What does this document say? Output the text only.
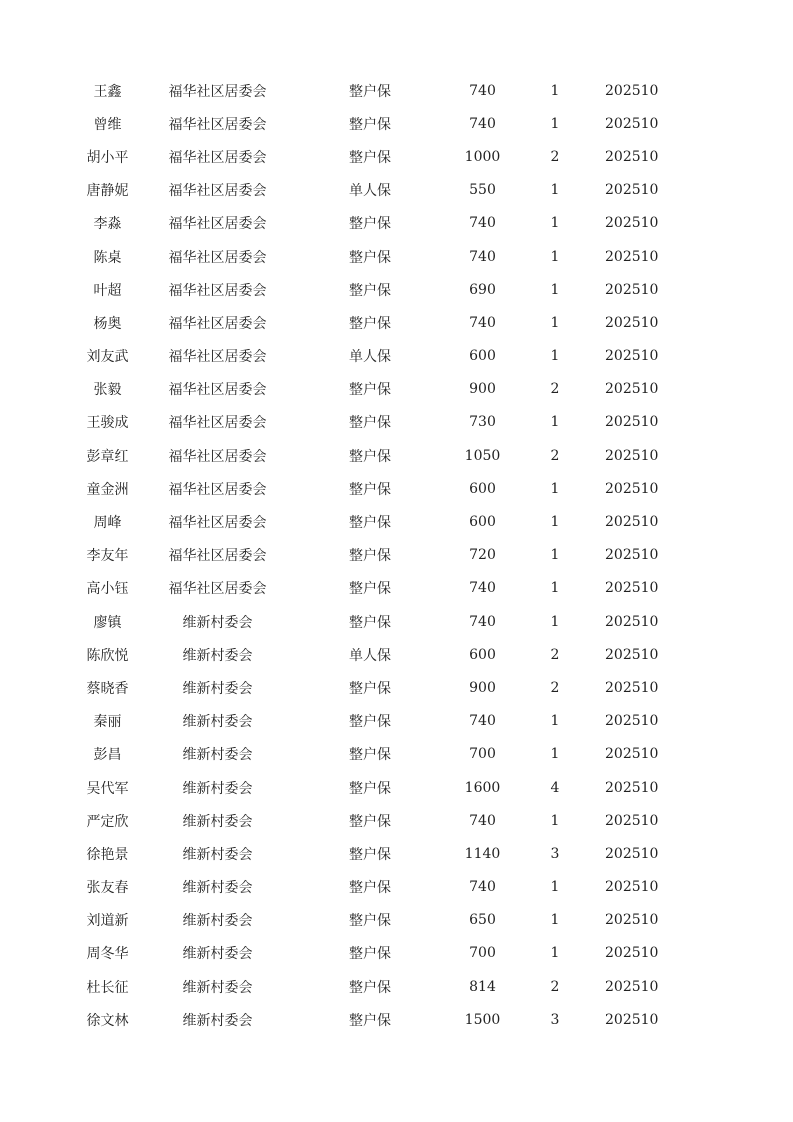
王鑫	福华社区居委会	整户保	740	1	202510
曾维	福华社区居委会	整户保	740	1	202510
胡小平	福华社区居委会	整户保	1000	2	202510
唐静妮	福华社区居委会	单人保	550	1	202510
李淼	福华社区居委会	整户保	740	1	202510
陈桌	福华社区居委会	整户保	740	1	202510
叶超	福华社区居委会	整户保	690	1	202510
杨奥	福华社区居委会	整户保	740	1	202510
刘友武	福华社区居委会	单人保	600	1	202510
张毅	福华社区居委会	整户保	900	2	202510
王骏成	福华社区居委会	整户保	730	1	202510
彭章红	福华社区居委会	整户保	1050	2	202510
童金洲	福华社区居委会	整户保	600	1	202510
周峰	福华社区居委会	整户保	600	1	202510
李友年	福华社区居委会	整户保	720	1	202510
高小钰	福华社区居委会	整户保	740	1	202510
廖镇	维新村委会	整户保	740	1	202510
陈欣悦	维新村委会	单人保	600	2	202510
蔡晓香	维新村委会	整户保	900	2	202510
秦丽	维新村委会	整户保	740	1	202510
彭昌	维新村委会	整户保	700	1	202510
吴代军	维新村委会	整户保	1600	4	202510
严定欣	维新村委会	整户保	740	1	202510
徐艳景	维新村委会	整户保	1140	3	202510
张友春	维新村委会	整户保	740	1	202510
刘道新	维新村委会	整户保	650	1	202510
周冬华	维新村委会	整户保	700	1	202510
杜长征	维新村委会	整户保	814	2	202510
徐文林	维新村委会	整户保	1500	3	202510
